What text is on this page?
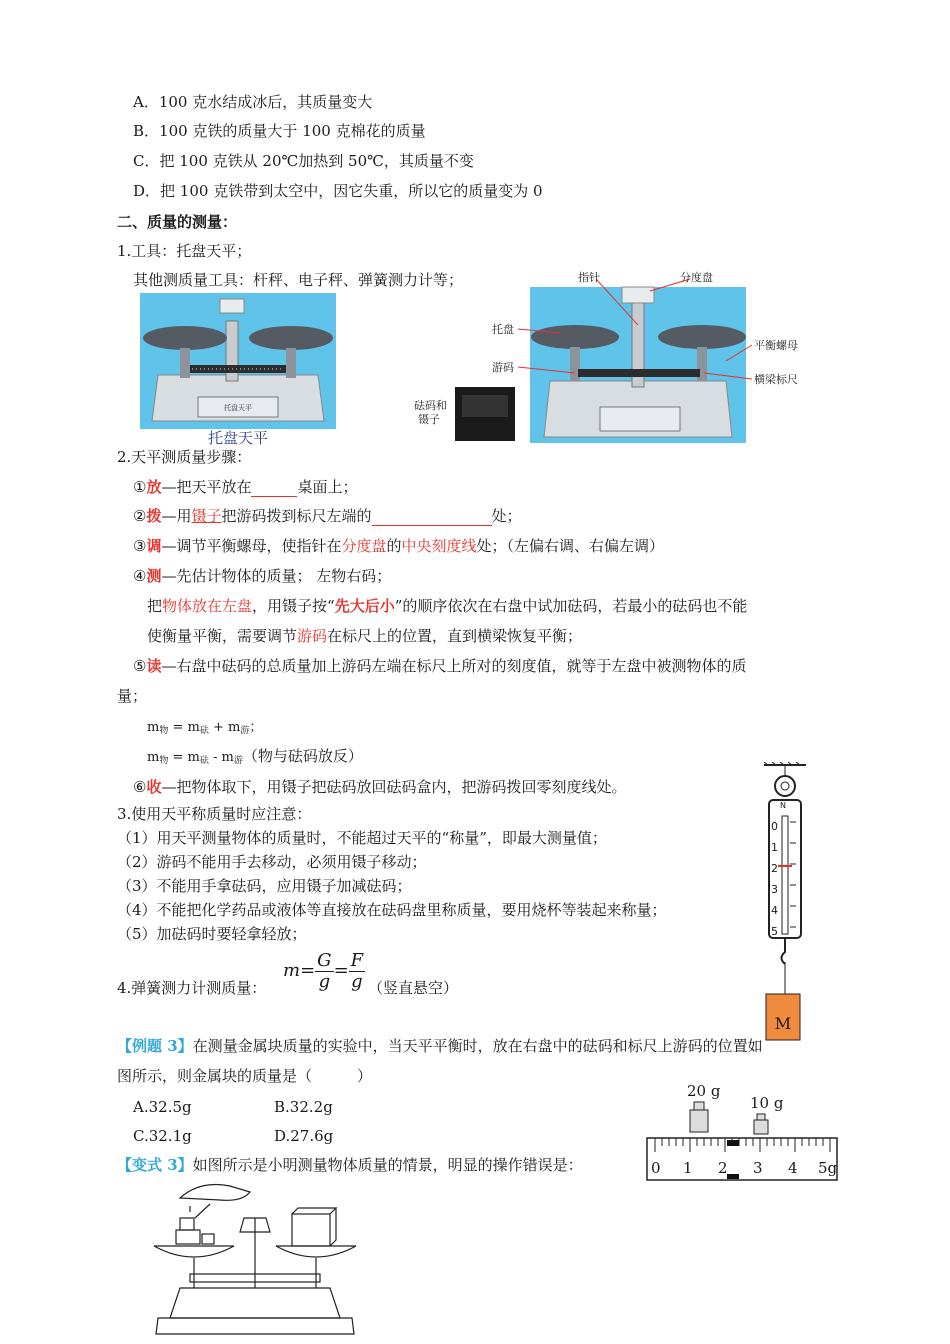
A．100 克水结成冰后，其质量变大
B．100 克铁的质量大于 100 克棉花的质量
C．把 100 克铁从 20℃加热到 50℃，其质量不变
D．把 100 克铁带到太空中，因它失重，所以它的质量变为 0
二、质量的测量：
1.工具：托盘天平；
其他测质量工具：杆秤、电子秤、弹簧测力计等；
托盘天平
托盘天平
指针	分度盘
托盘
游码
平衡螺母
横梁标尺
砝码和
镊子
2.天平测质量步骤：
①放—把天平放在	桌面上；
②拨—用镊子把游码拨到标尺左端的	处；
③调—调节平衡螺母，使指针在分度盘的中央刻度线处；（左偏右调、右偏左调）
④测—先估计物体的质量； 左物右码；
把物体放在左盘，用镊子按“先大后小”的顺序依次在右盘中试加砝码，若最小的砝码也不能
使衡量平衡，需要调节游码在标尺上的位置，直到横梁恢复平衡；
⑤读—右盘中砝码的总质量加上游码左端在标尺上所对的刻度值，就等于左盘中被测物体的质
量；
$m_物 = m_砝 + m_游$；
$m_物 = m_砝 - m_游$（物与砝码放反）
⑥收—把物体取下，用镊子把砝码放回砝码盒内，把游码拨回零刻度线处。
3.使用天平称质量时应注意：
（1）用天平测量物体的质量时，不能超过天平的“称量”，即最大测量值；
（2）游码不能用手去移动，必须用镊子移动；
（3）不能用手拿砝码，应用镊子加减砝码；
（4）不能把化学药品或液体等直接放在砝码盘里称质量，要用烧杯等装起来称量；
（5）加砝码时要轻拿轻放；
4.弹簧测力计测质量：
$m= \frac{G}{g} = \frac{F}{g}$ （竖直悬空）
N
0
1
2
3
4
5
M
【例题 3】在测量金属块质量的实验中，当天平平衡时，放在右盘中的砝码和标尺上游码的位置如
图所示，则金属块的质量是（　　　）
A.32.5g	B.32.2g
C.32.1g	D.27.6g
20 g
10 g
0 1 2 3 4 5g
【变式 3】如图所示是小明测量物体质量的情景，明显的操作错误是：
